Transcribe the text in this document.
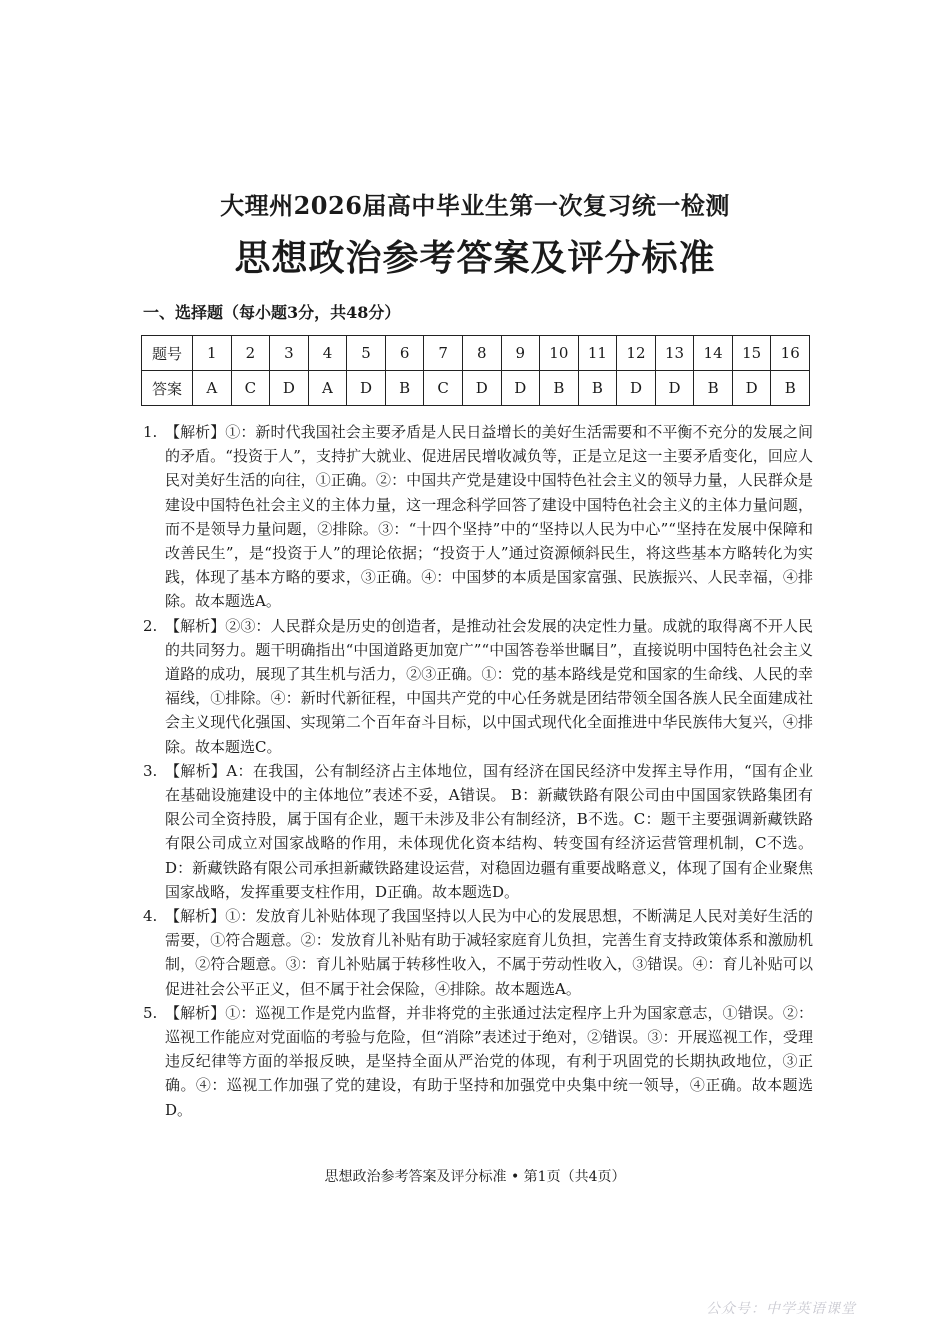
大理州2026届高中毕业生第一次复习统一检测
思想政治参考答案及评分标准
一、选择题（每小题3分，共48分）
题号	1	2	3	4	5	6	7	8	9	10	11	12	13	14	15	16
答案	A	C	D	A	D	B	C	D	D	B	B	D	D	B	D	B
1. 【解析】①：新时代我国社会主要矛盾是人民日益增长的美好生活需要和不平衡不充分的发展之间的矛盾。“投资于人”，支持扩大就业、促进居民增收减负等，正是立足这一主要矛盾变化，回应人民对美好生活的向往，①正确。②：中国共产党是建设中国特色社会主义的领导力量，人民群众是建设中国特色社会主义的主体力量，这一理念科学回答了建设中国特色社会主义的主体力量问题，而不是领导力量问题，②排除。③：“十四个坚持”中的“坚持以人民为中心”“坚持在发展中保障和改善民生”，是“投资于人”的理论依据；“投资于人”通过资源倾斜民生，将这些基本方略转化为实践，体现了基本方略的要求，③正确。④：中国梦的本质是国家富强、民族振兴、人民幸福，④排除。故本题选A。
2. 【解析】②③：人民群众是历史的创造者，是推动社会发展的决定性力量。成就的取得离不开人民的共同努力。题干明确指出“中国道路更加宽广”“中国答卷举世瞩目”，直接说明中国特色社会主义道路的成功，展现了其生机与活力，②③正确。①：党的基本路线是党和国家的生命线、人民的幸福线，①排除。④：新时代新征程，中国共产党的中心任务就是团结带领全国各族人民全面建成社会主义现代化强国、实现第二个百年奋斗目标，以中国式现代化全面推进中华民族伟大复兴，④排除。故本题选C。
3. 【解析】A：在我国，公有制经济占主体地位，国有经济在国民经济中发挥主导作用，“国有企业在基础设施建设中的主体地位”表述不妥，A错误。 B：新藏铁路有限公司由中国国家铁路集团有限公司全资持股，属于国有企业，题干未涉及非公有制经济，B不选。C：题干主要强调新藏铁路有限公司成立对国家战略的作用，未体现优化资本结构、转变国有经济运营管理机制，C不选。 D：新藏铁路有限公司承担新藏铁路建设运营，对稳固边疆有重要战略意义，体现了国有企业聚焦国家战略，发挥重要支柱作用，D正确。故本题选D。
4. 【解析】①：发放育儿补贴体现了我国坚持以人民为中心的发展思想，不断满足人民对美好生活的需要，①符合题意。②：发放育儿补贴有助于减轻家庭育儿负担，完善生育支持政策体系和激励机制，②符合题意。③：育儿补贴属于转移性收入，不属于劳动性收入，③错误。④：育儿补贴可以促进社会公平正义，但不属于社会保险，④排除。故本题选A。
5. 【解析】①：巡视工作是党内监督，并非将党的主张通过法定程序上升为国家意志，①错误。②：巡视工作能应对党面临的考验与危险，但“消除”表述过于绝对，②错误。③：开展巡视工作，受理违反纪律等方面的举报反映，是坚持全面从严治党的体现，有利于巩固党的长期执政地位，③正确。④：巡视工作加强了党的建设，有助于坚持和加强党中央集中统一领导，④正确。故本题选D。
思想政治参考答案及评分标准 • 第1页（共4页）
公众号：中学英语课堂
